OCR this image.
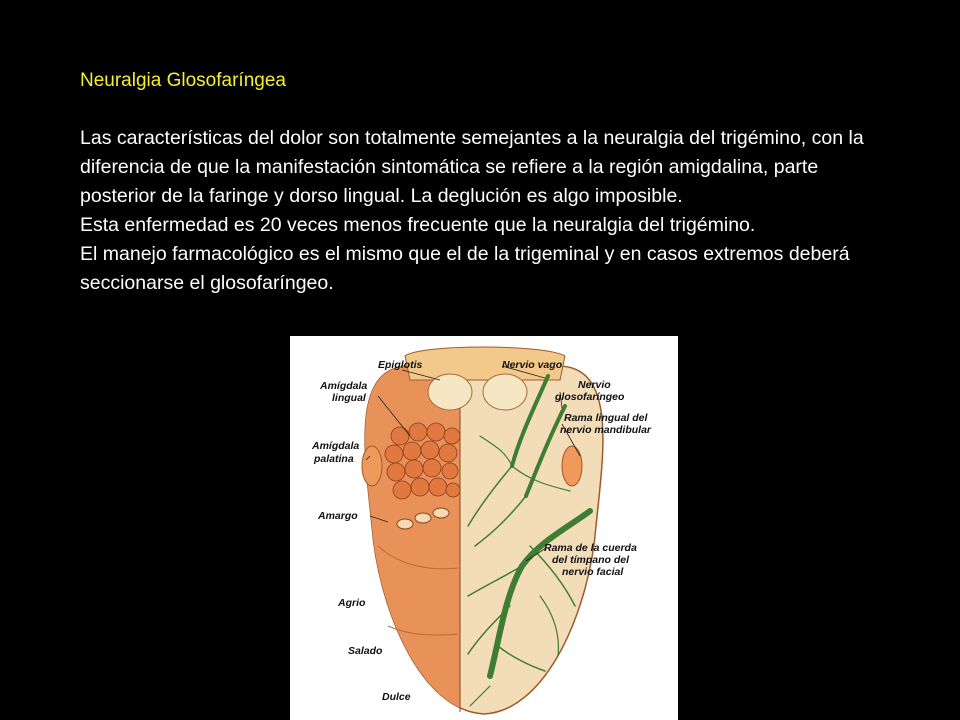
Neuralgia Glosofaríngea

Las características del dolor son totalmente semejantes a la neuralgia del trigémino, con la diferencia de que la manifestación sintomática se refiere a la región amigdalina, parte posterior de la faringe y dorso lingual. La deglución es algo imposible.

Esta enfermedad es 20 veces menos frecuente que la neuralgia del trigémino.

El manejo farmacológico es el mismo que el de la trigeminal y en casos extremos deberá seccionarse el glosofaríngeo.

Epiglotis
Amígdala
lingual
Amígdala
palatina
Amargo
Agrio
Salado
Dulce
Nervio vago
Nervio
glosofaríngeo
Rama lingual del
nervio mandibular
Rama de la cuerda
del tímpano del
nervio facial
